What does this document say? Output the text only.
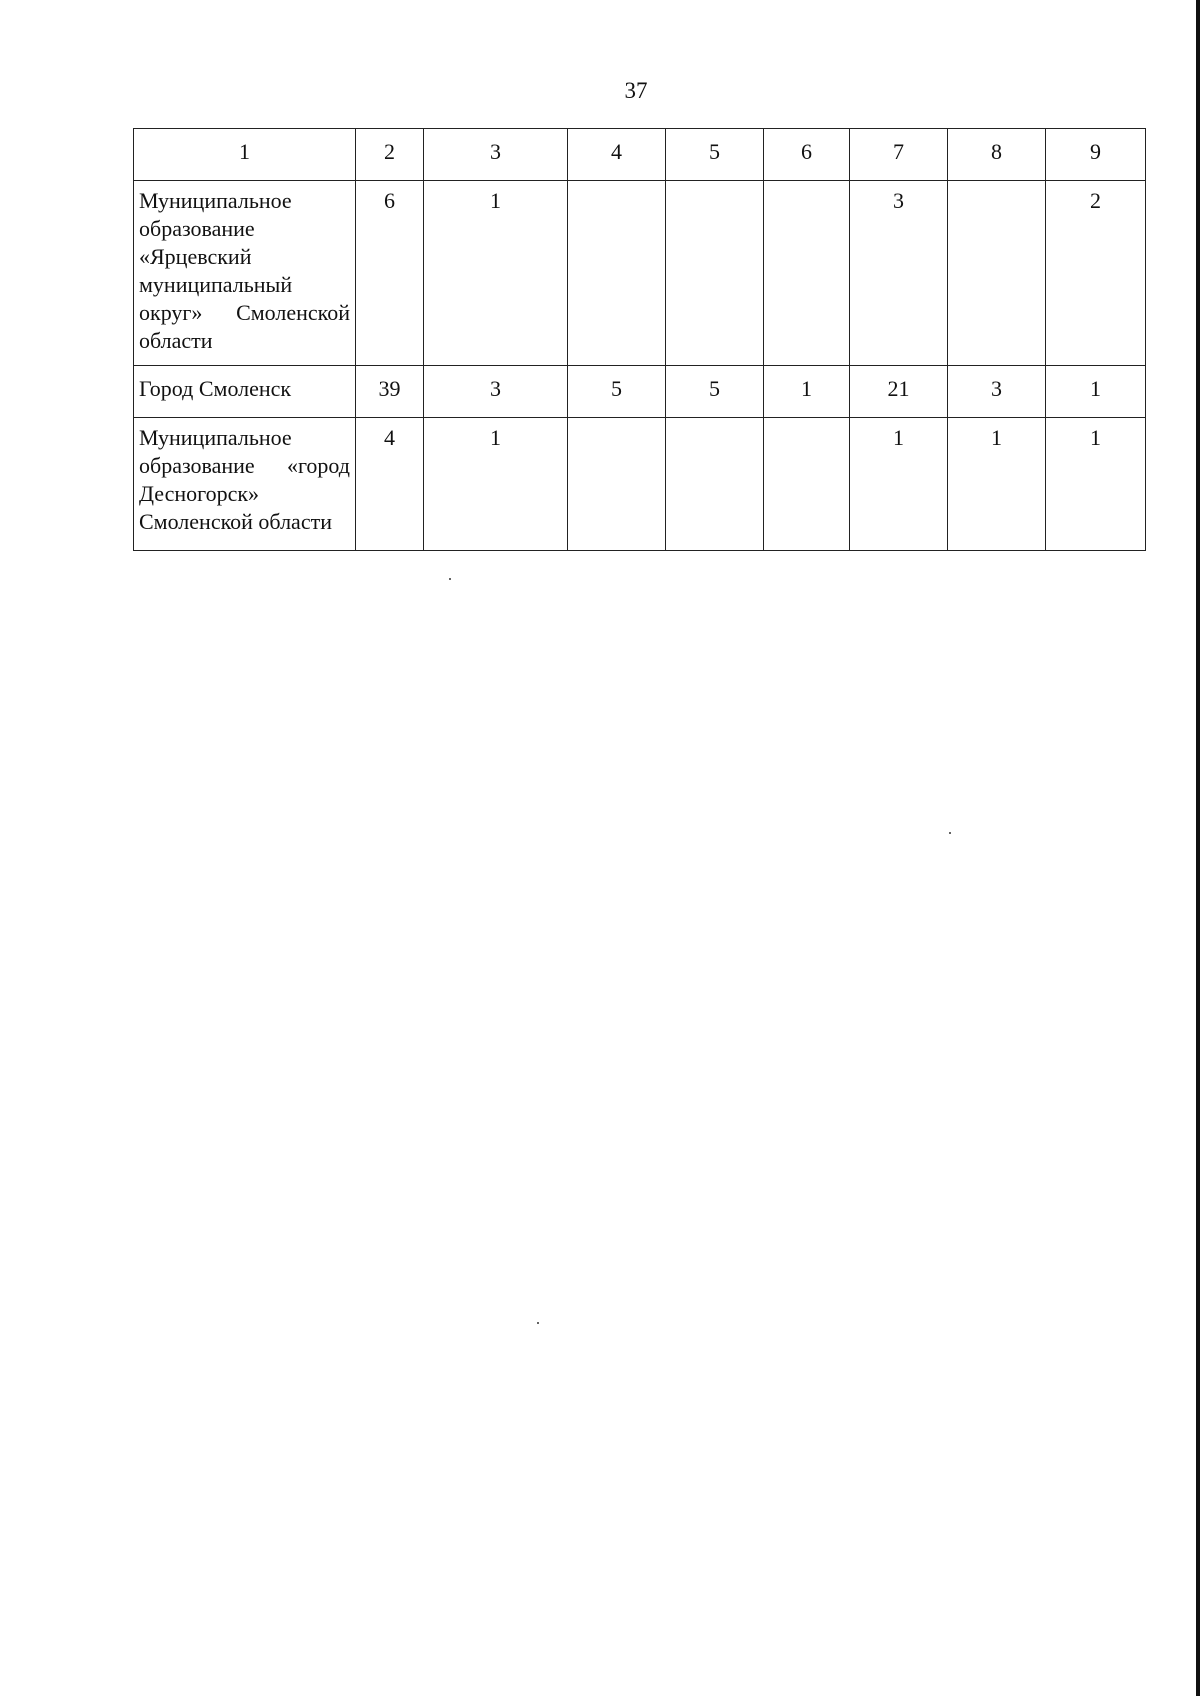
37
1	2	3	4	5	6	7	8	9
Муниципальное образование «Ярцевский муниципальный округ» Смоленской области	6	1				3		2
Город Смоленск	39	3	5	5	1	21	3	1
Муниципальное образование «город Десногорск» Смоленской области	4	1				1	1	1
